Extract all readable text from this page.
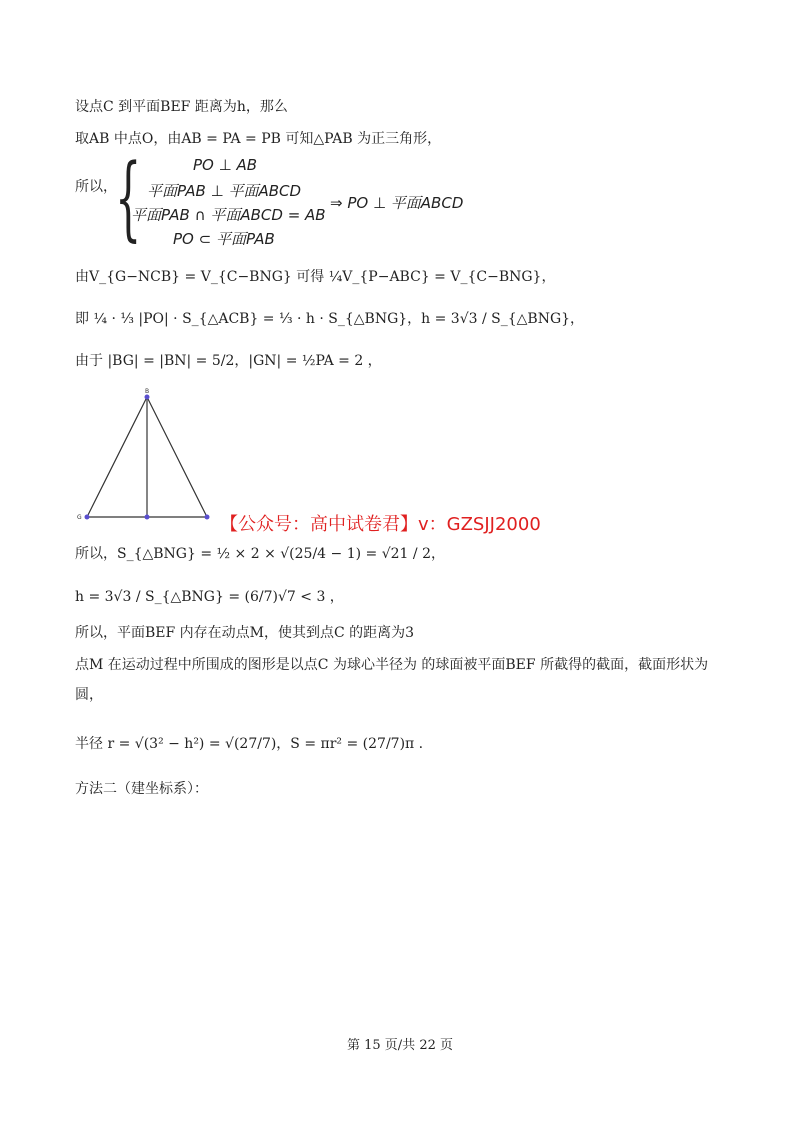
设点C 到平面BEF 距离为h，那么
取AB 中点O，由AB = PA = PB 可知△PAB 为正三角形，
所以，
{	PO ⊥ AB
平面PAB ⊥ 平面ABCD
平面PAB ∩ 平面ABCD = AB
PO ⊂ 平面PAB
⇒ PO ⊥ 平面ABCD
由V_{G−NCB} = V_{C−BNG} 可得 ¼V_{P−ABC} = V_{C−BNG}，
即 ¼ · ⅓ |PO| · S_{△ACB} = ⅓ · h · S_{△BNG}，h = 3√3 / S_{△BNG}，
由于 |BG| = |BN| = 5/2，|GN| = ½PA = 2 ，
B
G	【公众号：高中试卷君】v：GZSJJ2000
所以，S_{△BNG} = ½ × 2 × √(25/4 − 1) = √21 / 2，
h = 3√3 / S_{△BNG} = (6/7)√7 < 3 ，
所以，平面BEF 内存在动点M，使其到点C 的距离为3
点M 在运动过程中所围成的图形是以点C 为球心半径为 的球面被平面BEF 所截得的截面，截面形状为
圆，
半径 r = √(3² − h²) = √(27/7)，S = πr² = (27/7)π .
方法二（建坐标系）：
第 15 页/共 22 页
